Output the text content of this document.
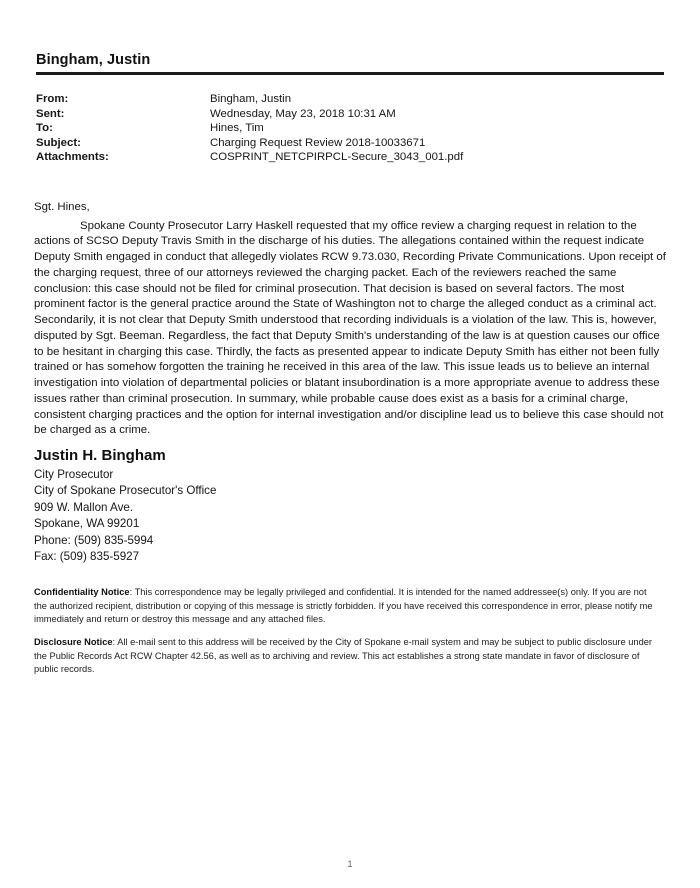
Bingham, Justin
From:	Bingham, Justin
Sent:	Wednesday, May 23, 2018 10:31 AM
To:	Hines, Tim
Subject:	Charging Request Review 2018-10033671
Attachments:	COSPRINT_NETCPIRPCL-Secure_3043_001.pdf
Sgt. Hines,

Spokane County Prosecutor Larry Haskell requested that my office review a charging request in relation to the actions of SCSO Deputy Travis Smith in the discharge of his duties. The allegations contained within the request indicate Deputy Smith engaged in conduct that allegedly violates RCW 9.73.030, Recording Private Communications. Upon receipt of the charging request, three of our attorneys reviewed the charging packet. Each of the reviewers reached the same conclusion: this case should not be filed for criminal prosecution. That decision is based on several factors. The most prominent factor is the general practice around the State of Washington not to charge the alleged conduct as a criminal act. Secondarily, it is not clear that Deputy Smith understood that recording individuals is a violation of the law. This is, however, disputed by Sgt. Beeman. Regardless, the fact that Deputy Smith's understanding of the law is at question causes our office to be hesitant in charging this case. Thirdly, the facts as presented appear to indicate Deputy Smith has either not been fully trained or has somehow forgotten the training he received in this area of the law. This issue leads us to believe an internal investigation into violation of departmental policies or blatant insubordination is a more appropriate avenue to address these issues rather than criminal prosecution. In summary, while probable cause does exist as a basis for a criminal charge, consistent charging practices and the option for internal investigation and/or discipline lead us to believe this case should not be charged as a crime.

Justin H. Bingham
City Prosecutor
City of Spokane Prosecutor's Office
909 W. Mallon Ave.
Spokane, WA 99201
Phone: (509) 835-5994
Fax: (509) 835-5927
Confidentiality Notice: This correspondence may be legally privileged and confidential. It is intended for the named addressee(s) only. If you are not the authorized recipient, distribution or copying of this message is strictly forbidden. If you have received this correspondence in error, please notify me immediately and return or destroy this message and any attached files.
Disclosure Notice: All e-mail sent to this address will be received by the City of Spokane e-mail system and may be subject to public disclosure under the Public Records Act RCW Chapter 42.56, as well as to archiving and review. This act establishes a strong state mandate in favor of disclosure of public records.
1
